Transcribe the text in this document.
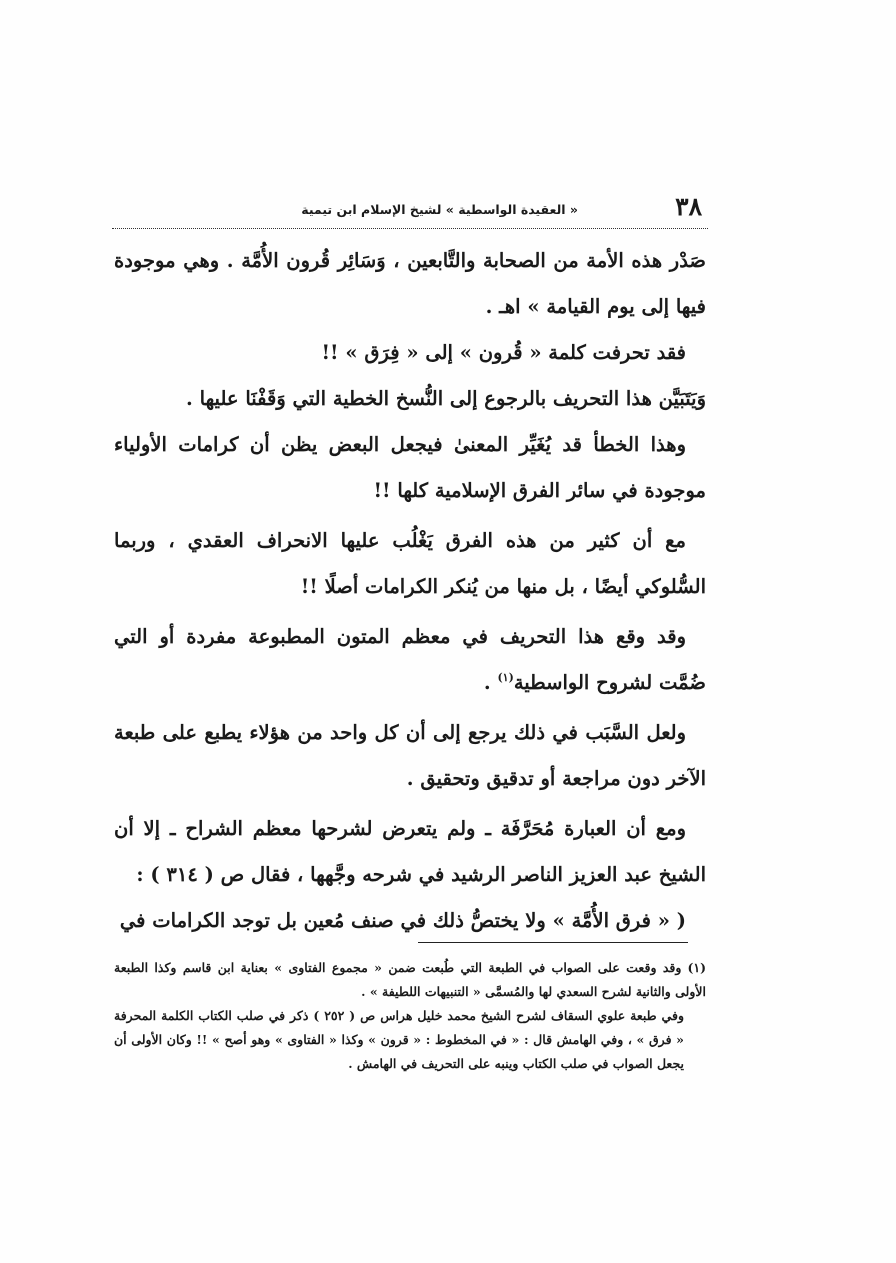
٣٨
« العقيدة الواسطية » لشيخ الإسلام ابن تيمية

صَدْر هذه الأمة من الصحابة والتَّابعين ، وَسَائِر قُرون الأُمَّة . وهي موجودة فيها إلى يوم القيامة » اهـ .

فقد تحرفت كلمة « قُرون » إلى « فِرَق » !!

وَيَتَبَيَّن هذا التحريف بالرجوع إلى النُّسخ الخطية التي وَقَفْنَا عليها .

وهذا الخطأ قد يُغَيِّر المعنىٰ فيجعل البعض يظن أن كرامات الأولياء موجودة في سائر الفرق الإسلامية كلها !!

مع أن كثير من هذه الفرق يَغْلُب عليها الانحراف العقدي ، وربما السُّلوكي أيضًا ، بل منها من يُنكر الكرامات أصلًا !!

وقد وقع هذا التحريف في معظم المتون المطبوعة مفردة أو التي ضُمَّت لشروح الواسطية$^{(١)}$ .

ولعل السَّبَب في ذلك يرجع إلى أن كل واحد من هؤلاء يطبع على طبعة الآخر دون مراجعة أو تدقيق وتحقيق .

ومع أن العبارة مُحَرَّفَة ـ ولم يتعرض لشرحها معظم الشراح ـ إلا أن الشيخ عبد العزيز الناصر الرشيد في شرحه وجَّهها ، فقال ص ( ٣١٤ ) :

( « فرق الأُمَّة » ولا يختصُّ ذلك في صنف مُعين بل توجد الكرامات في

(١)وقد وقعت على الصواب في الطبعة التي طُبعت ضمن « مجموع الفتاوى » بعناية ابن قاسم وكذا الطبعة الأولى والثانية لشرح السعدي لها والمُسمَّى « التنبيهات اللطيفة » .

وفي طبعة علوي السقاف لشرح الشيخ محمد خليل هراس ص ( ٢٥٢ ) ذكر في صلب الكتاب الكلمة المحرفة « فرق » ، وفي الهامش قال : « في المخطوط : « قرون » وكذا « الفتاوى » وهو أصح » !! وكان الأولى أن يجعل الصواب في صلب الكتاب وينبه على التحريف في الهامش .
